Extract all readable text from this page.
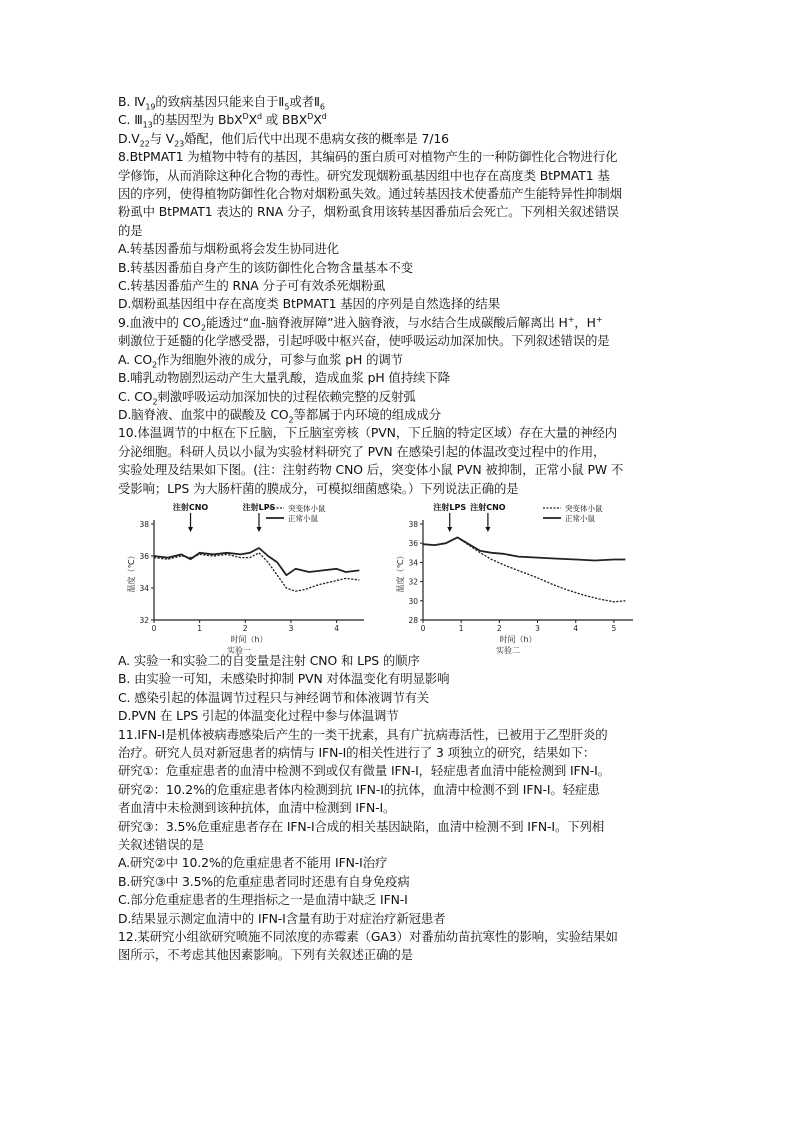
B. $Ⅳ_{19}$的致病基因只能来自于$Ⅱ_5$或者$Ⅱ_6$
C. $Ⅲ_{13}$的基因型为 $BbX^DX^d$ 或 $BBX^DX^d$
$D.V_{22}$与 $V_{23}$婚配，他们后代中出现不患病女孩的概率是 7/16
8.BtPMAT1 为植物中特有的基因，其编码的蛋白质可对植物产生的一种防御性化合物进行化
学修饰，从而消除这种化合物的毒性。研究发现烟粉虱基因组中也存在高度类 BtPMAT1 基
因的序列，使得植物防御性化合物对烟粉虱失效。通过转基因技术使番茄产生能特异性抑制烟
粉虱中 BtPMAT1 表达的 RNA 分子，烟粉虱食用该转基因番茄后会死亡。下列相关叙述错误
的是
A.转基因番茄与烟粉虱将会发生协同进化
B.转基因番茄自身产生的该防御性化合物含量基本不变
C.转基因番茄产生的 RNA 分子可有效杀死烟粉虱
D.烟粉虱基因组中存在高度类 BtPMAT1 基因的序列是自然选择的结果
9.血液中的 $CO_2$能透过“血-脑脊液屏障”进入脑脊液，与水结合生成碳酸后解离出 H+，H+
刺激位于延髓的化学感受器，引起呼吸中枢兴奋，使呼吸运动加深加快。下列叙述错误的是
A. $CO_2$作为细胞外液的成分，可参与血浆 pH 的调节
B.哺乳动物剧烈运动产生大量乳酸，造成血浆 pH 值持续下降
C. $CO_2$刺激呼吸运动加深加快的过程依赖完整的反射弧
D.脑脊液、血浆中的碳酸及 $CO_2$等都属于内环境的组成成分
10.体温调节的中枢在下丘脑，下丘脑室旁核（PVN，下丘脑的特定区域）存在大量的神经内
分泌细胞。科研人员以小鼠为实验材料研究了 PVN 在感染引起的体温改变过程中的作用，
实验处理及结果如下图。(注：注射药物 CNO 后，突变体小鼠 PVN 被抑制，正常小鼠 PW 不
受影响；LPS 为大肠杆菌的膜成分，可模拟细菌感染。）下列说法正确的是
32
34
36
38
0	1	2	3	4
温度（℃）
时间（h）
实验一
注射CNO	注射LPS 突变体小鼠
正常小鼠
28
30
32
34
36
38
0	1	2	3	4	5
温度（℃）
时间（h）
实验二
注射LPS 注射CNO	突变体小鼠
正常小鼠
A. 实验一和实验二的自变量是注射 CNO 和 LPS 的顺序
B. 由实验一可知，未感染时抑制 PVN 对体温变化有明显影响
C. 感染引起的体温调节过程只与神经调节和体液调节有关
D.PVN 在 LPS 引起的体温变化过程中参与体温调节
11.IFN-Ⅰ是机体被病毒感染后产生的一类干扰素，具有广抗病毒活性，已被用于乙型肝炎的
治疗。研究人员对新冠患者的病情与 IFN-Ⅰ的相关性进行了 3 项独立的研究，结果如下：
研究①：危重症患者的血清中检测不到或仅有微量 IFN-Ⅰ，轻症患者血清中能检测到 IFN-Ⅰ。
研究②：10.2%的危重症患者体内检测到抗 IFN-Ⅰ的抗体，血清中检测不到 IFN-Ⅰ。轻症患
者血清中未检测到该种抗体，血清中检测到 IFN-Ⅰ。
研究③：3.5%危重症患者存在 IFN-Ⅰ合成的相关基因缺陷，血清中检测不到 IFN-Ⅰ。下列相
关叙述错误的是
A.研究②中 10.2%的危重症患者不能用 IFN-Ⅰ治疗
B.研究③中 3.5%的危重症患者同时还患有自身免疫病
C.部分危重症患者的生理指标之一是血清中缺乏 IFN-Ⅰ
D.结果显示测定血清中的 IFN-Ⅰ含量有助于对症治疗新冠患者
12.某研究小组欲研究喷施不同浓度的赤霉素（GA3）对番茄幼苗抗寒性的影响，实验结果如
图所示，不考虑其他因素影响。下列有关叙述正确的是
